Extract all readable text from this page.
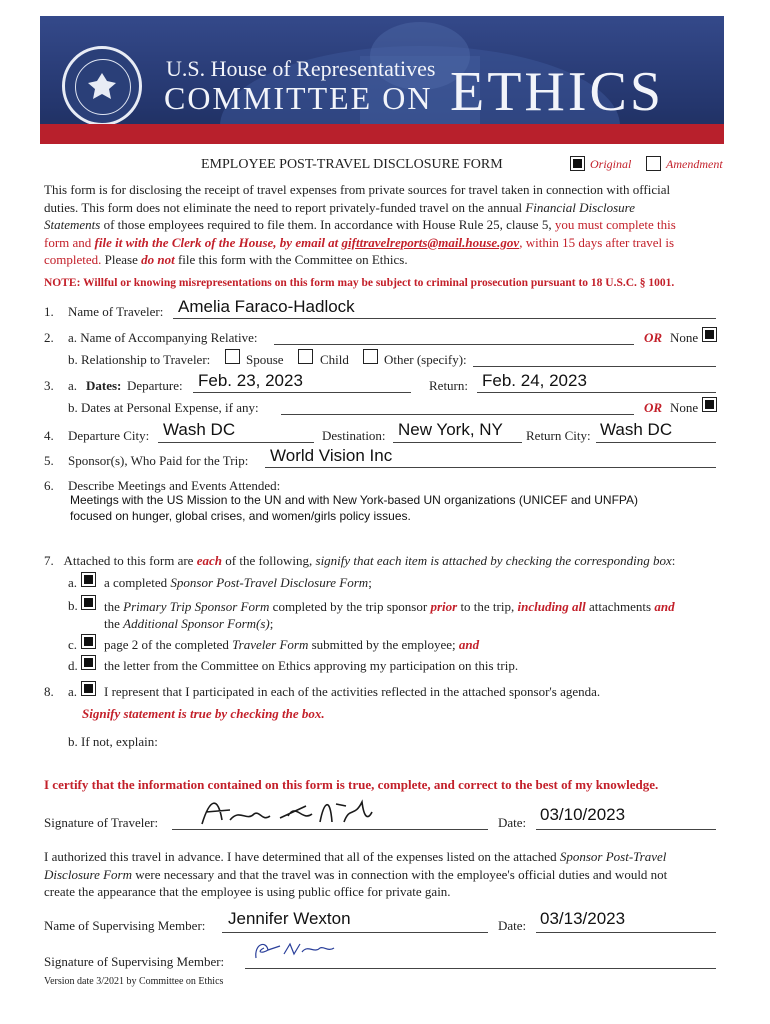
U.S. House of Representatives
COMMITTEE ON ETHICS
EMPLOYEE POST-TRAVEL DISCLOSURE FORM	Original	Amendment
This form is for disclosing the receipt of travel expenses from private sources for travel taken in connection with official
duties. This form does not eliminate the need to report privately-funded travel on the annual Financial Disclosure
Statements of those employees required to file them. In accordance with House Rule 25, clause 5, you must complete this
form and file it with the Clerk of the House, by email at gifttravelreports@mail.house.gov, within 15 days after travel is
completed. Please do not file this form with the Committee on Ethics.
NOTE: Willful or knowing misrepresentations on this form may be subject to criminal prosecution pursuant to 18 U.S.C. § 1001.
1. Name of Traveler: Amelia Faraco-Hadlock
2. a. Name of Accompanying Relative:	OR None
b. Relationship to Traveler:	Spouse	Child	Other (specify):
3. a. Dates: Departure: Feb. 23, 2023	Return: Feb. 24, 2023
b. Dates at Personal Expense, if any:	OR None
4. Departure City: Wash DC	Destination: New York, NY Return City: Wash DC
5. Sponsor(s), Who Paid for the Trip: World Vision Inc
6. Describe Meetings and Events Attended:
Meetings with the US Mission to the UN and with New York-based UN organizations (UNICEF and UNFPA)
focused on hunger, global crises, and women/girls policy issues.
7. Attached to this form are each of the following, signify that each item is attached by checking the corresponding box:
a. a completed Sponsor Post-Travel Disclosure Form;
b. the Primary Trip Sponsor Form completed by the trip sponsor prior to the trip, including all attachments and
the Additional Sponsor Form(s);
c. page 2 of the completed Traveler Form submitted by the employee; and
d. the letter from the Committee on Ethics approving my participation on this trip.
8. a. I represent that I participated in each of the activities reflected in the attached sponsor's agenda.
Signify statement is true by checking the box.
b. If not, explain:
I certify that the information contained on this form is true, complete, and correct to the best of my knowledge.
Signature of Traveler:	Date: 03/10/2023
I authorized this travel in advance. I have determined that all of the expenses listed on the attached Sponsor Post-Travel
Disclosure Form were necessary and that the travel was in connection with the employee's official duties and would not
create the appearance that the employee is using public office for private gain.
Name of Supervising Member: Jennifer Wexton	Date: 03/13/2023
Signature of Supervising Member:
Version date 3/2021 by Committee on Ethics
